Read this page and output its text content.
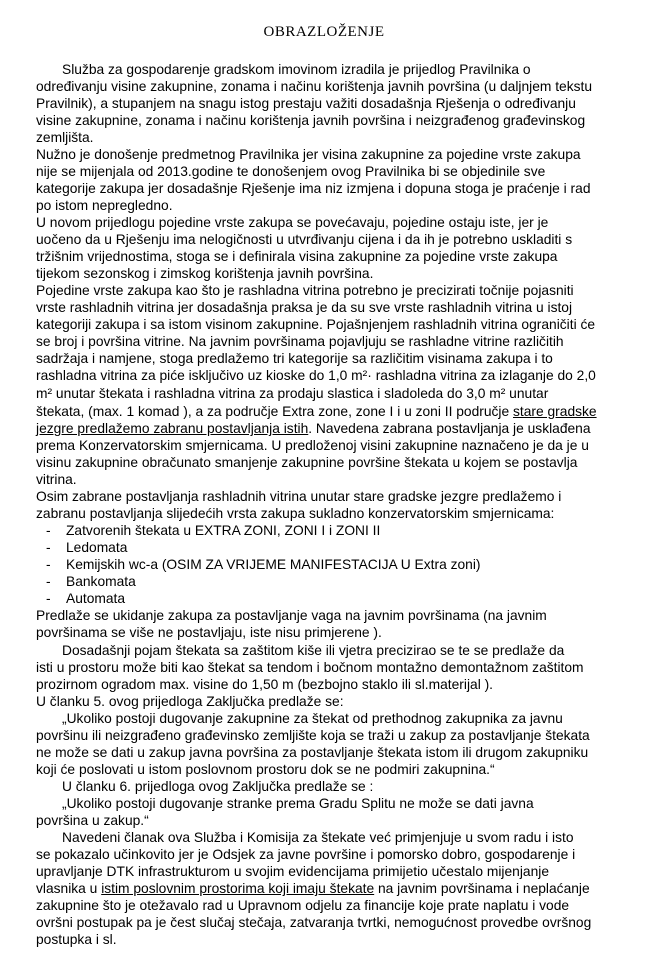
OBRAZLOŽENJE

Služba za gospodarenje gradskom imovinom izradila je prijedlog Pravilnika o

određivanju visine zakupnine, zonama i načinu korištenja javnih površina (u daljnjem tekstu

Pravilnik), a stupanjem na snagu istog prestaju važiti dosadašnja Rješenja o određivanju

visine zakupnine, zonama i načinu korištenja javnih površina i neizgrađenog građevinskog

zemljišta.

Nužno je donošenje predmetnog Pravilnika jer visina zakupnine za pojedine vrste zakupa

nije se mijenjala od 2013.godine te donošenjem ovog Pravilnika bi se objedinile sve

kategorije zakupa jer dosadašnje Rješenje ima niz izmjena i dopuna stoga je praćenje i rad

po istom nepregledno.

U novom prijedlogu pojedine vrste zakupa se povećavaju, pojedine ostaju iste, jer je

uočeno da u Rješenju ima nelogičnosti u utvrđivanju cijena i da ih je potrebno uskladiti s

tržišnim vrijednostima, stoga se i definirala visina zakupnine za pojedine vrste zakupa

tijekom sezonskog i zimskog korištenja javnih površina.

Pojedine vrste zakupa kao što je rashladna vitrina potrebno je precizirati točnije pojasniti

vrste rashladnih vitrina jer dosadašnja praksa je da su sve vrste rashladnih vitrina u istoj

kategoriji zakupa i sa istom visinom zakupnine. Pojašnjenjem rashladnih vitrina ograničiti će

se broj i površina vitrine. Na javnim površinama pojavljuju se rashladne vitrine različitih

sadržaja i namjene, stoga predlažemo tri kategorije sa različitim visinama zakupa i to

rashladna vitrina za piće isključivo uz kioske do 1,0 m²· rashladna vitrina za izlaganje do 2,0

m² unutar štekata i rashladna vitrina za prodaju slastica i sladoleda do 3,0 m² unutar

štekata, (max. 1 komad ), a za područje Extra zone, zone I i u zoni II područje stare gradske

jezgre predlažemo zabranu postavljanja istih. Navedena zabrana postavljanja je usklađena

prema Konzervatorskim smjernicama. U predloženoj visini zakupnine naznačeno je da je u

visinu zakupnine obračunato smanjenje zakupnine površine štekata u kojem se postavlja

vitrina.

Osim zabrane postavljanja rashladnih vitrina unutar stare gradske jezgre predlažemo i

zabranu postavljanja slijedećih vrsta zakupa sukladno konzervatorskim smjernicama:

- Zatvorenih štekata u EXTRA ZONI, ZONI I i ZONI II
- Ledomata
- Kemijskih wc-a (OSIM ZA VRIJEME MANIFESTACIJA U Extra zoni)
- Bankomata
- Automata

Predlaže se ukidanje zakupa za postavljanje vaga na javnim površinama (na javnim

površinama se više ne postavljaju, iste nisu primjerene ).

Dosadašnji pojam štekata sa zaštitom kiše ili vjetra precizirao se te se predlaže da

isti u prostoru može biti kao štekat sa tendom i bočnom montažno demontažnom zaštitom

prozirnom ogradom max. visine do 1,50 m (bezbojno staklo ili sl.materijal ).

U članku 5. ovog prijedloga Zaključka predlaže se:

„Ukoliko postoji dugovanje zakupnine za štekat od prethodnog zakupnika za javnu

površinu ili neizgrađeno građevinsko zemljište koja se traži u zakup za postavljanje štekata

ne može se dati u zakup javna površina za postavljanje štekata istom ili drugom zakupniku

koji će poslovati u istom poslovnom prostoru dok se ne podmiri zakupnina.“

U članku 6. prijedloga ovog Zaključka predlaže se :

„Ukoliko postoji dugovanje stranke prema Gradu Splitu ne može se dati javna

površina u zakup.“

Navedeni članak ova Služba i Komisija za štekate već primjenjuje u svom radu i isto

se pokazalo učinkovito jer je Odsjek za javne površine i pomorsko dobro, gospodarenje i

upravljanje DTK infrastrukturom u svojim evidencijama primijetio učestalo mijenjanje

vlasnika u istim poslovnim prostorima koji imaju štekate na javnim površinama i neplaćanje

zakupnine što je otežavalo rad u Upravnom odjelu za financije koje prate naplatu i vode

ovršni postupak pa je čest slučaj stečaja, zatvaranja tvrtki, nemogućnost provedbe ovršnog

postupka i sl.
